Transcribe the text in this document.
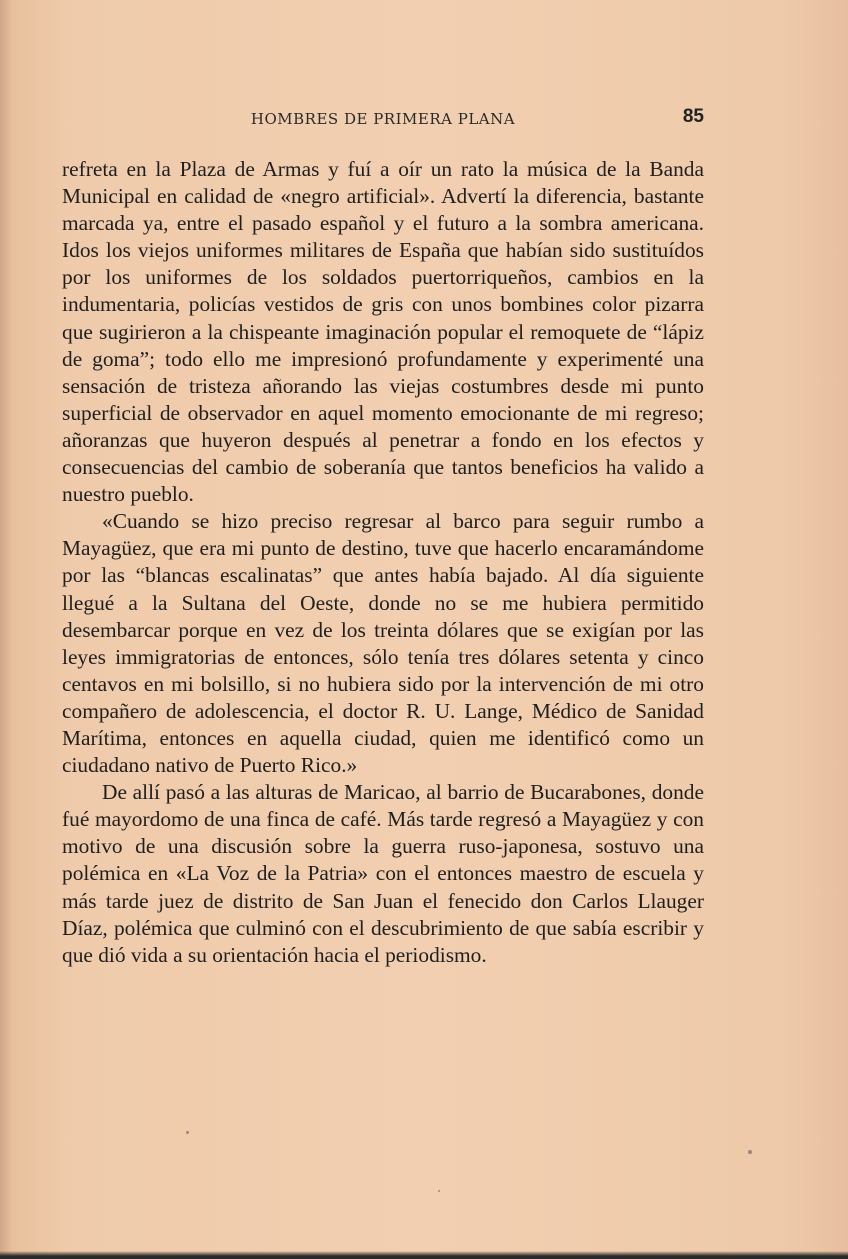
HOMBRES DE PRIMERA PLANA	85

refreta en la Plaza de Armas y fuí a oír un rato la música de la Banda Municipal en calidad de «negro artificial». Advertí la diferencia, bastante marcada ya, entre el pasado español y el futuro a la sombra americana. Idos los viejos uniformes militares de España que habían sido sustituídos por los uniformes de los soldados puertorriqueños, cambios en la indumentaria, policías vestidos de gris con unos bombines color pizarra que sugirieron a la chispeante imaginación popular el remoquete de “lápiz de goma”; todo ello me impresionó profundamente y experimenté una sensación de tristeza añorando las viejas costumbres desde mi punto superficial de observador en aquel momento emocionante de mi regreso; añoranzas que huyeron después al penetrar a fondo en los efectos y consecuencias del cambio de soberanía que tantos beneficios ha valido a nuestro pueblo.

«Cuando se hizo preciso regresar al barco para seguir rumbo a Mayagüez, que era mi punto de destino, tuve que hacerlo encaramándome por las “blancas escalinatas” que antes había bajado. Al día siguiente llegué a la Sultana del Oeste, donde no se me hubiera permitido desembarcar porque en vez de los treinta dólares que se exigían por las leyes immigratorias de entonces, sólo tenía tres dólares setenta y cinco centavos en mi bolsillo, si no hubiera sido por la intervención de mi otro compañero de adolescencia, el doctor R. U. Lange, Médico de Sanidad Marítima, entonces en aquella ciudad, quien me identificó como un ciudadano nativo de Puerto Rico.»

De allí pasó a las alturas de Maricao, al barrio de Bucarabones, donde fué mayordomo de una finca de café. Más tarde regresó a Mayagüez y con motivo de una discusión sobre la guerra ruso-japonesa, sostuvo una polémica en «La Voz de la Patria» con el entonces maestro de escuela y más tarde juez de distrito de San Juan el fenecido don Carlos Llauger Díaz, polémica que culminó con el descubrimiento de que sabía escribir y que dió vida a su orientación hacia el periodismo.
